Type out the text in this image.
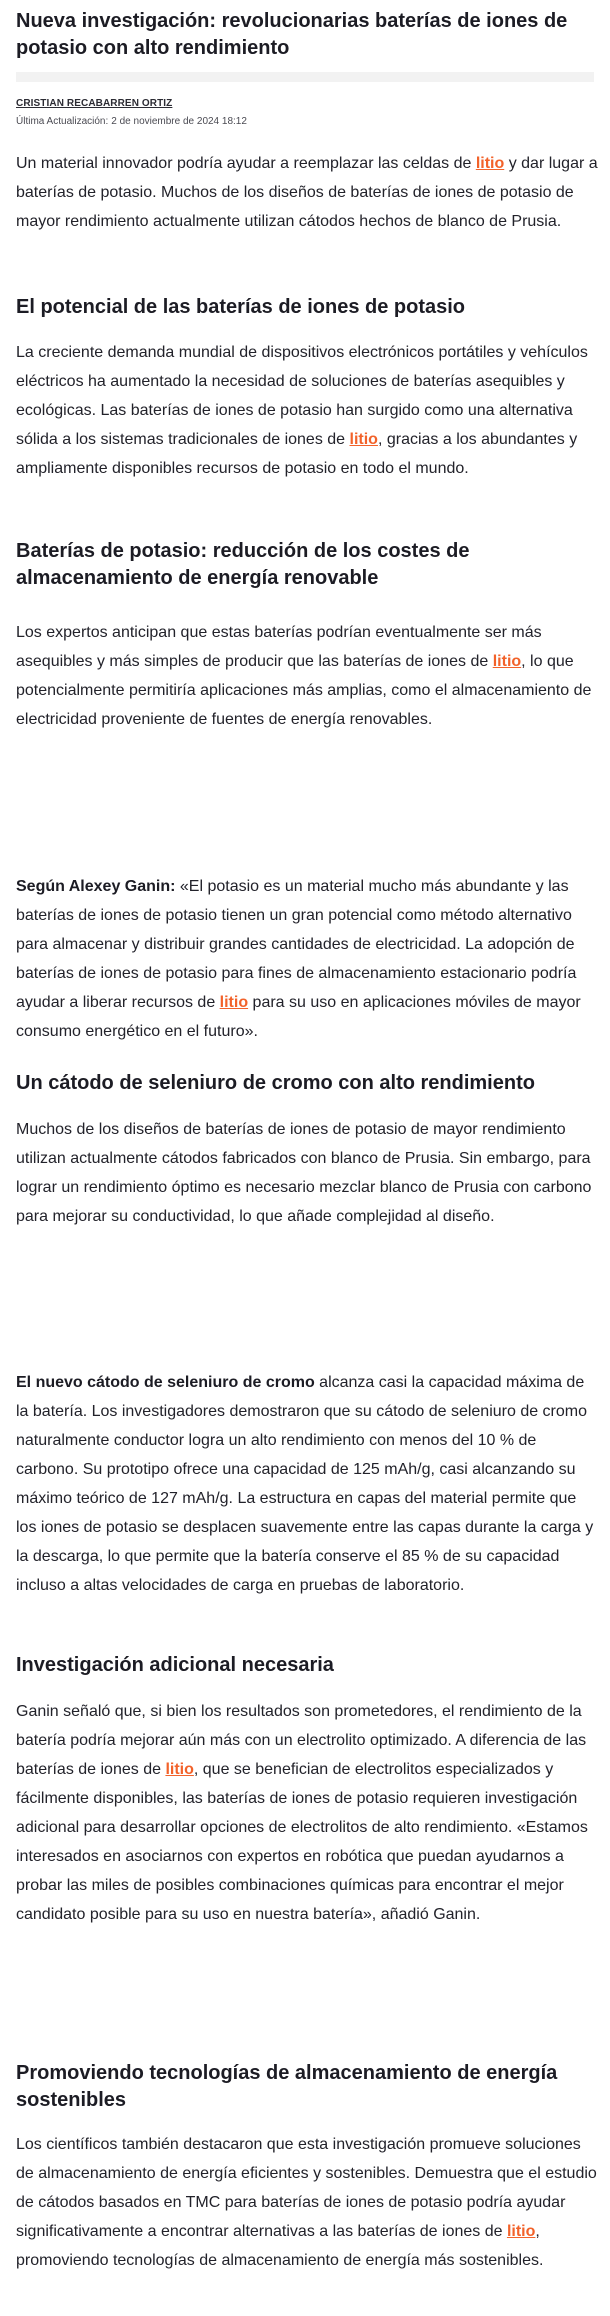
Nueva investigación: revolucionarias baterías de iones de potasio con alto rendimiento

CRISTIAN RECABARREN ORTIZ

Última Actualización: 2 de noviembre de 2024 18:12

Un material innovador podría ayudar a reemplazar las celdas de litio y dar lugar a baterías de potasio. Muchos de los diseños de baterías de iones de potasio de mayor rendimiento actualmente utilizan cátodos hechos de blanco de Prusia.

El potencial de las baterías de iones de potasio

La creciente demanda mundial de dispositivos electrónicos portátiles y vehículos eléctricos ha aumentado la necesidad de soluciones de baterías asequibles y ecológicas. Las baterías de iones de potasio han surgido como una alternativa sólida a los sistemas tradicionales de iones de litio, gracias a los abundantes y ampliamente disponibles recursos de potasio en todo el mundo.

Baterías de potasio: reducción de los costes de almacenamiento de energía renovable

Los expertos anticipan que estas baterías podrían eventualmente ser más asequibles y más simples de producir que las baterías de iones de litio, lo que potencialmente permitiría aplicaciones más amplias, como el almacenamiento de electricidad proveniente de fuentes de energía renovables.

Según Alexey Ganin: «El potasio es un material mucho más abundante y las baterías de iones de potasio tienen un gran potencial como método alternativo para almacenar y distribuir grandes cantidades de electricidad. La adopción de baterías de iones de potasio para fines de almacenamiento estacionario podría ayudar a liberar recursos de litio para su uso en aplicaciones móviles de mayor consumo energético en el futuro».

Un cátodo de seleniuro de cromo con alto rendimiento

Muchos de los diseños de baterías de iones de potasio de mayor rendimiento utilizan actualmente cátodos fabricados con blanco de Prusia. Sin embargo, para lograr un rendimiento óptimo es necesario mezclar blanco de Prusia con carbono para mejorar su conductividad, lo que añade complejidad al diseño.

El nuevo cátodo de seleniuro de cromo alcanza casi la capacidad máxima de la batería. Los investigadores demostraron que su cátodo de seleniuro de cromo naturalmente conductor logra un alto rendimiento con menos del 10 % de carbono. Su prototipo ofrece una capacidad de 125 mAh/g, casi alcanzando su máximo teórico de 127 mAh/g. La estructura en capas del material permite que los iones de potasio se desplacen suavemente entre las capas durante la carga y la descarga, lo que permite que la batería conserve el 85 % de su capacidad incluso a altas velocidades de carga en pruebas de laboratorio.

Investigación adicional necesaria

Ganin señaló que, si bien los resultados son prometedores, el rendimiento de la batería podría mejorar aún más con un electrolito optimizado. A diferencia de las baterías de iones de litio, que se benefician de electrolitos especializados y fácilmente disponibles, las baterías de iones de potasio requieren investigación adicional para desarrollar opciones de electrolitos de alto rendimiento. «Estamos interesados en asociarnos con expertos en robótica que puedan ayudarnos a probar las miles de posibles combinaciones químicas para encontrar el mejor candidato posible para su uso en nuestra batería», añadió Ganin.

Promoviendo tecnologías de almacenamiento de energía sostenibles

Los científicos también destacaron que esta investigación promueve soluciones de almacenamiento de energía eficientes y sostenibles. Demuestra que el estudio de cátodos basados en TMC para baterías de iones de potasio podría ayudar significativamente a encontrar alternativas a las baterías de iones de litio, promoviendo tecnologías de almacenamiento de energía más sostenibles.
